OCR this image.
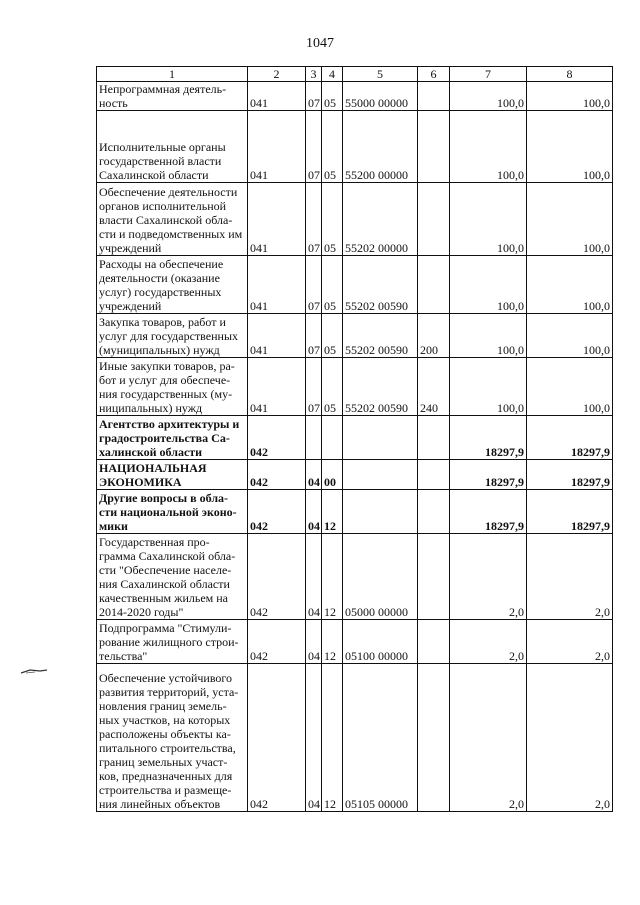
1047
1	2	3	4	5	6	7	8
Непрограммная деятель-ность	041	07	05	55000 00000		100,0	100,0
Исполнительные органы государственной власти Сахалинской области	041	07	05	55200 00000		100,0	100,0
Обеспечение деятельности органов исполнительной власти Сахалинской обла-сти и подведомственных им учреждений	041	07	05	55202 00000		100,0	100,0
Расходы на обеспечение деятельности (оказание услуг) государственных учреждений	041	07	05	55202 00590		100,0	100,0
Закупка товаров, работ и услуг для государственных (муниципальных) нужд	041	07	05	55202 00590	200	100,0	100,0
Иные закупки товаров, ра-бот и услуг для обеспече-ния государственных (му-ниципальных) нужд	041	07	05	55202 00590	240	100,0	100,0
Агентство архитектуры и градостроительства Са-халинской области	042					18297,9	18297,9
НАЦИОНАЛЬНАЯ ЭКОНОМИКА	042	04	00			18297,9	18297,9
Другие вопросы в обла-сти национальной эконо-мики	042	04	12			18297,9	18297,9
Государственная про-грамма Сахалинской обла-сти "Обеспечение населе-ния Сахалинской области качественным жильем на 2014-2020 годы"	042	04	12	05000 00000		2,0	2,0
Подпрограмма "Стимули-рование жилищного строи-тельства"	042	04	12	05100 00000		2,0	2,0
Обеспечение устойчивого развития территорий, уста-новления границ земель-ных участков, на которых расположены объекты ка-питального строительства, границ земельных участ-ков, предназначенных для строительства и размеще-ния линейных объектов	042	04	12	05105 00000		2,0	2,0
